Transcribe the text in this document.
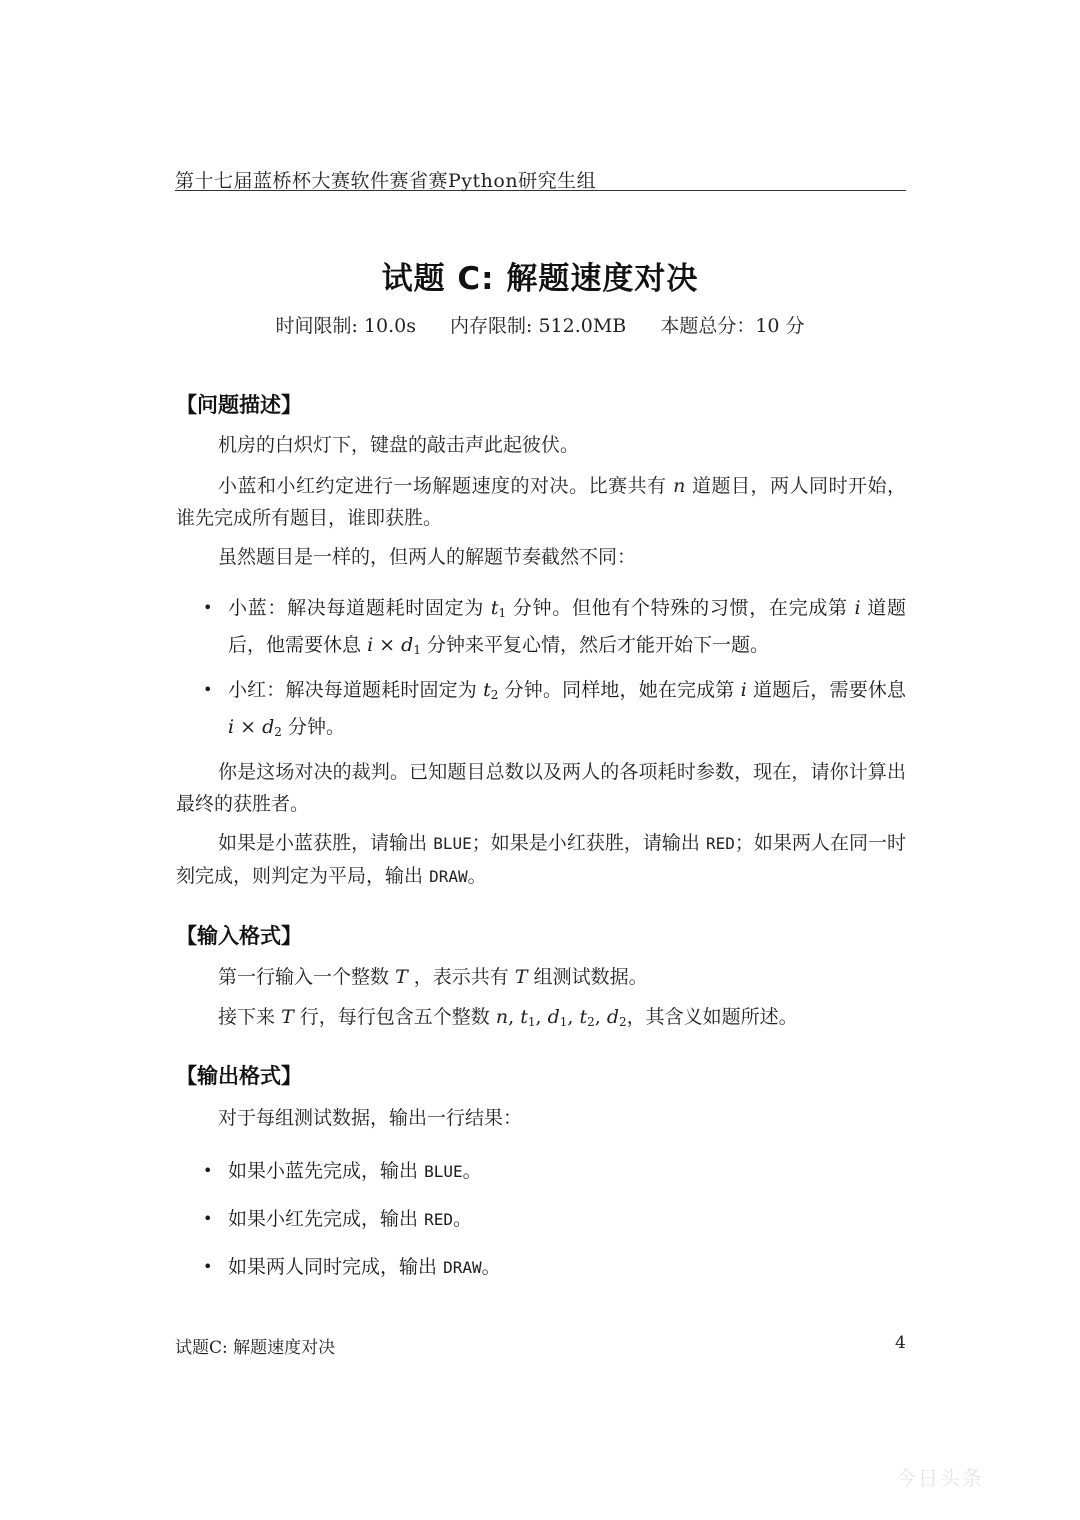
第十七届蓝桥杯大赛软件赛省赛Python研究生组
试题 C: 解题速度对决
时间限制: 10.0s 内存限制: 512.0MB 本题总分：10 分
【问题描述】
机房的白炽灯下，键盘的敲击声此起彼伏。
小蓝和小红约定进行一场解题速度的对决。比赛共有 n 道题目，两人同时开始，谁先完成所有题目，谁即获胜。
虽然题目是一样的，但两人的解题节奏截然不同：
• 小蓝：解决每道题耗时固定为 $t_1$ 分钟。但他有个特殊的习惯，在完成第 i 道题后，他需要休息 $i \times d_1$ 分钟来平复心情，然后才能开始下一题。
• 小红：解决每道题耗时固定为 $t_2$ 分钟。同样地，她在完成第 i 道题后，需要休息 $i \times d_2$ 分钟。
你是这场对决的裁判。已知题目总数以及两人的各项耗时参数，现在，请你计算出最终的获胜者。
如果是小蓝获胜，请输出 BLUE；如果是小红获胜，请输出 RED；如果两人在同一时刻完成，则判定为平局，输出 DRAW。
【输入格式】
第一行输入一个整数 T ，表示共有 T 组测试数据。
接下来 T 行，每行包含五个整数 n, $t_1$, $d_1$, $t_2$, $d_2$，其含义如题所述。
【输出格式】
对于每组测试数据，输出一行结果：
• 如果小蓝先完成，输出 BLUE。
• 如果小红先完成，输出 RED。
• 如果两人同时完成，输出 DRAW。
试题C: 解题速度对决	4
今日头条
